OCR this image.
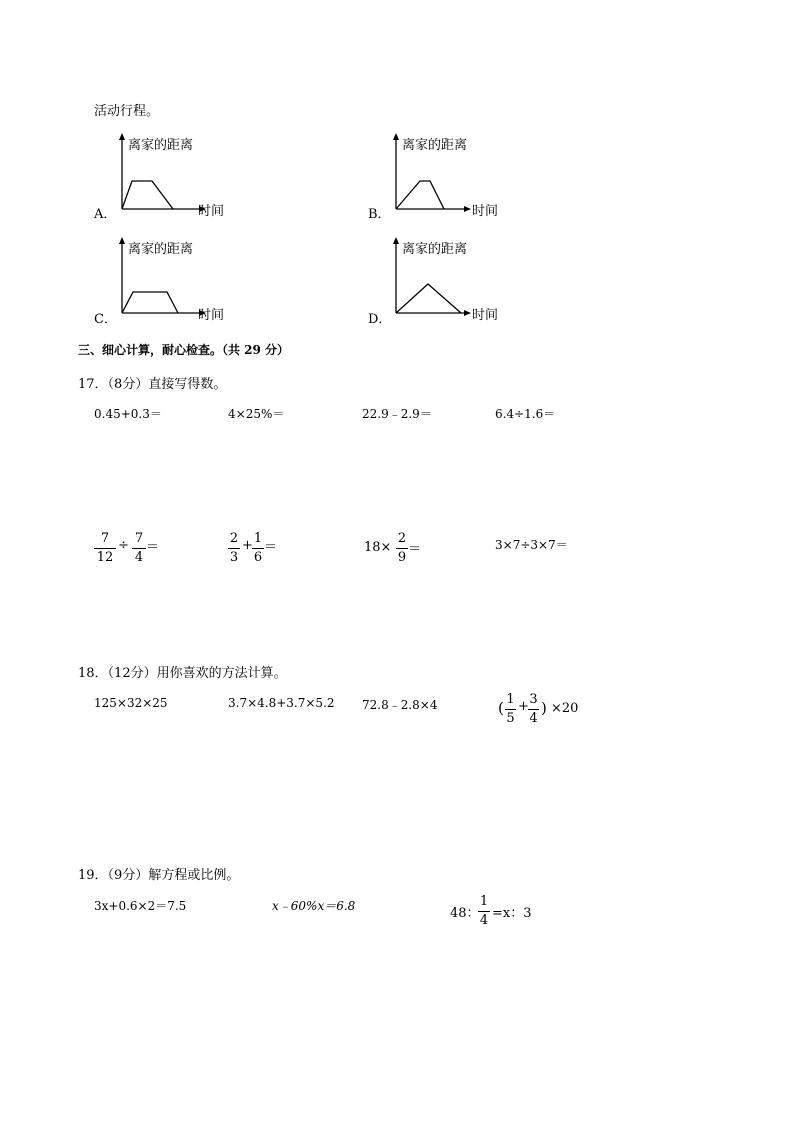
活动行程。
A．
离家的距离
时间	B．
离家的距离
时间
C．
离家的距离
时间	D．
离家的距离
时间
三、细心计算，耐心检查。（共 29 分）
17．（8分）直接写得数。
0.45+0.3＝	4×25%＝	22.9﹣2.9＝	6.4÷1.6＝
7
12
÷ 7
4
＝
2
3
+ 1
6
＝	18×
2
9
＝	3×7÷3×7＝
18．（12分）用你喜欢的方法计算。
125×32×25	3.7×4.8+3.7×5.2 72.8﹣2.8×4	( 1
5
+ 3
4
) ×20
19．（9分）解方程或比例。
3x+0.6×2＝7.5	x﹣60%x＝6.8	48：
1
4 =x：3
